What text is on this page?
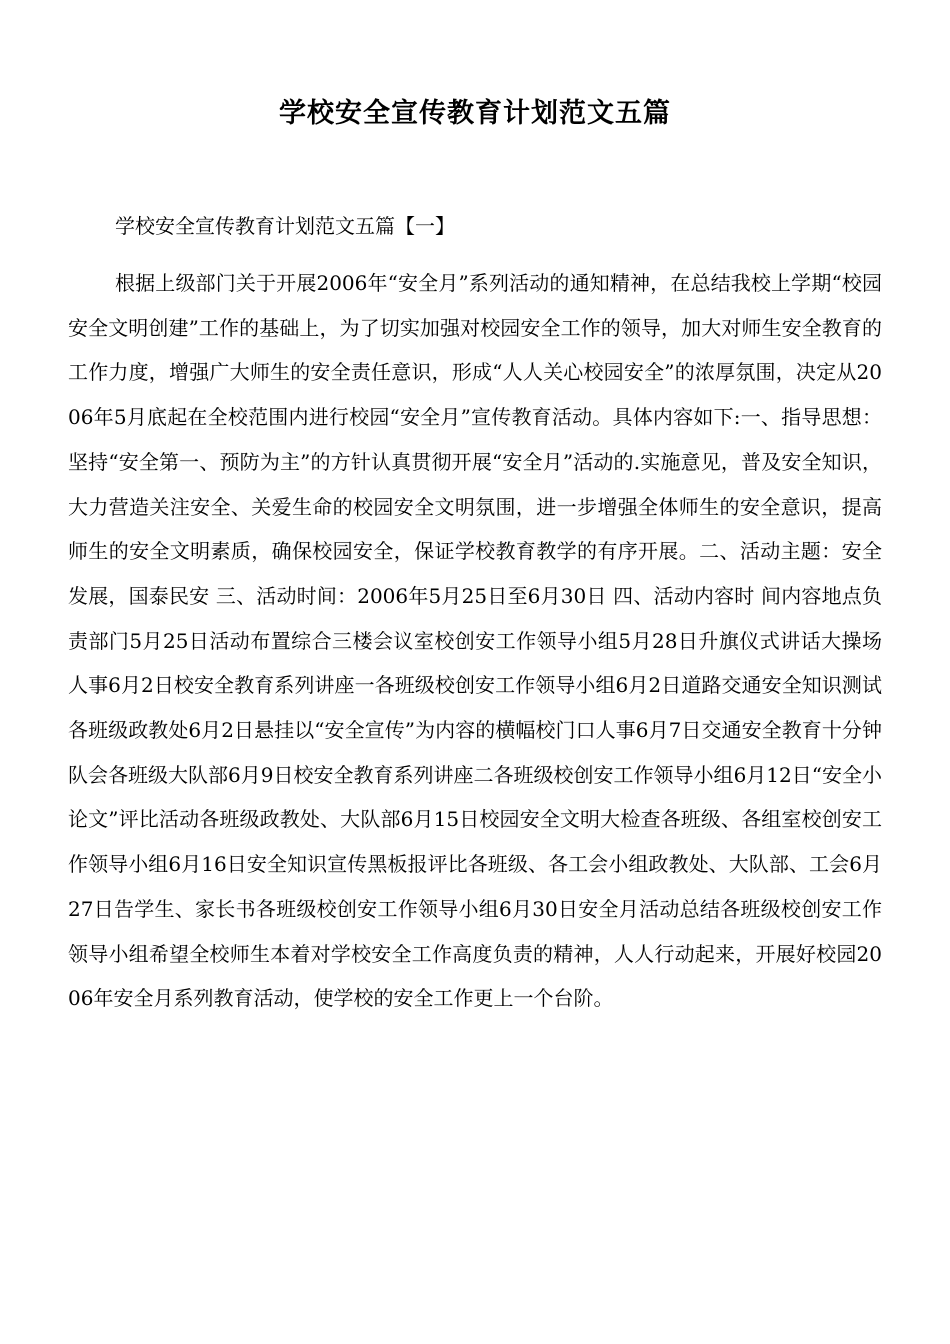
学校安全宣传教育计划范文五篇
学校安全宣传教育计划范文五篇【一】

根据上级部门关于开展2006年“安全月”系列活动的通知精神，在总结我校上学期“校园安全文明创建”工作的基础上，为了切实加强对校园安全工作的领导，加大对师生安全教育的工作力度，增强广大师生的安全责任意识，形成“人人关心校园安全”的浓厚氛围，决定从2006年5月底起在全校范围内进行校园“安全月”宣传教育活动。具体内容如下:一、指导思想：坚持“安全第一、预防为主”的方针认真贯彻开展“安全月”活动的.实施意见，普及安全知识，大力营造关注安全、关爱生命的校园安全文明氛围，进一步增强全体师生的安全意识，提高师生的安全文明素质，确保校园安全，保证学校教育教学的有序开展。二、活动主题：安全发展，国泰民安 三、活动时间：2006年5月25日至6月30日 四、活动内容时 间内容地点负责部门5月25日活动布置综合三楼会议室校创安工作领导小组5月28日升旗仪式讲话大操场人事6月2日校安全教育系列讲座一各班级校创安工作领导小组6月2日道路交通安全知识测试各班级政教处6月2日悬挂以“安全宣传”为内容的横幅校门口人事6月7日交通安全教育十分钟队会各班级大队部6月9日校安全教育系列讲座二各班级校创安工作领导小组6月12日“安全小论文”评比活动各班级政教处、大队部6月15日校园安全文明大检查各班级、各组室校创安工作领导小组6月16日安全知识宣传黑板报评比各班级、各工会小组政教处、大队部、工会6月27日告学生、家长书各班级校创安工作领导小组6月30日安全月活动总结各班级校创安工作领导小组希望全校师生本着对学校安全工作高度负责的精神，人人行动起来，开展好校园2006年安全月系列教育活动，使学校的安全工作更上一个台阶。
